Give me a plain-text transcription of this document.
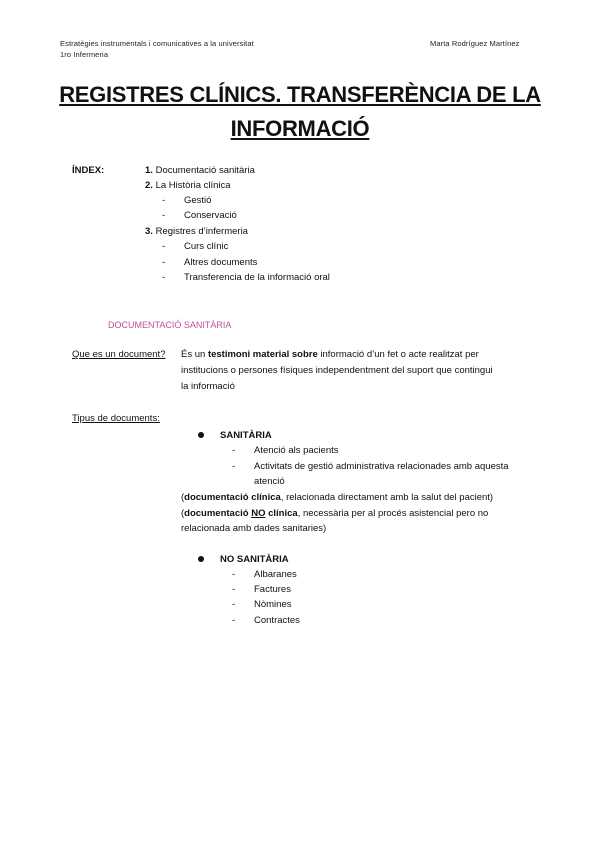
Estratègies instrumentals i comunicatives a la universitat
1ro Infermeria
Marta Rodríguez Martínez
REGISTRES CLÍNICS. TRANSFERÈNCIA DE LA
INFORMACIÓ
ÍNDEX:	1. Documentació sanitària
2. La Història clínica
- Gestió
- Conservació
3. Registres d’infermeria
- Curs clínic
- Altres documents
- Transferencia de la informació oral
DOCUMENTACIÓ SANITÀRIA
Que es un document? És un testimoni material sobre informació d’un fet o acte realitzat per
institucions o persones físiques independentment del suport que contingui
la informació
Tipus de documents:
SANITÀRIA
- Atenció als pacients
- Activitats de gestió administrativa relacionades amb aquesta
atenció
(documentació clínica, relacionada directament amb la salut del pacient)
(documentació NO clínica, necessària per al procés asistencial pero no
relacionada amb dades sanitaries)
NO SANITÀRIA
- Albaranes
- Factures
- Nòmines
- Contractes
